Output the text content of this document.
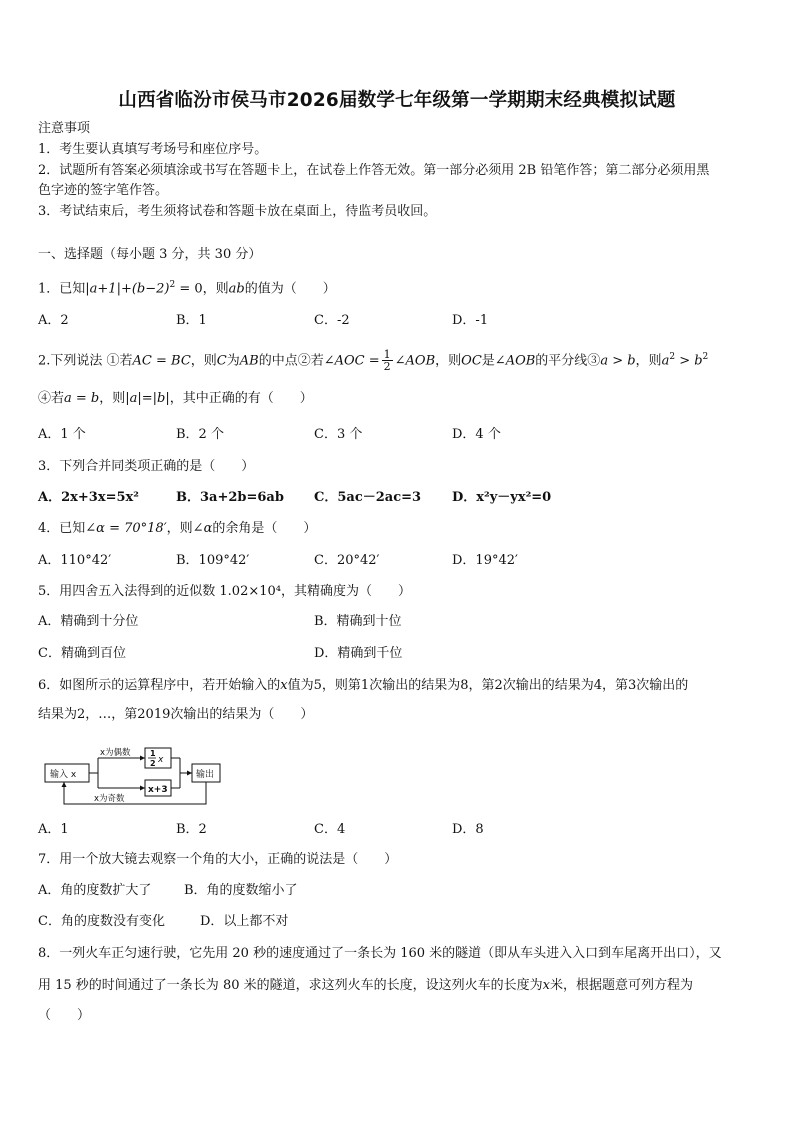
山西省临汾市侯马市2026届数学七年级第一学期期末经典模拟试题
注意事项
1．考生要认真填写考场号和座位序号。
2．试题所有答案必须填涂或书写在答题卡上，在试卷上作答无效。第一部分必须用 2B 铅笔作答；第二部分必须用黑
色字迹的签字笔作答。
3．考试结束后，考生须将试卷和答题卡放在桌面上，待监考员收回。
一、选择题（每小题 3 分，共 30 分）
1．已知$|a+1|+(b-2)^2 = 0$，则ab的值为（　　）
A．2	B．1	C．-2	D．-1
2.下列说法 ①若AC = BC，则C为AB的中点②若∠AOC = $\frac{1}{2}$ ∠AOB，则OC是∠AOB的平分线③a > b，则$a^2 > b^2$
④若a = b，则|a|=|b|，其中正确的有（　　）
A．1 个	B．2 个	C．3 个	D．4 个
3．下列合并同类项正确的是（　　）
A．2x+3x=5x²	B．3a+2b=6ab C．5ac－2ac=3 D．x²y－yx²=0
4．已知∠α = 70°18′，则∠α的余角是（　　）
A．110°42′	B．109°42′	C．20°42′	D．19°42′
5．用四舍五入法得到的近似数 1.02×10⁴，其精确度为（　　）
A．精确到十分位	B．精确到十位
C．精确到百位	D．精确到千位
6．如图所示的运算程序中，若开始输入的x值为5，则第1次输出的结果为8，第2次输出的结果为4，第3次输出的
结果为2，…，第2019次输出的结果为（　　）
输入 x
x为偶数 1
2 x
x+3
输出
x为奇数
A．1	B．2	C．4	D．8
7．用一个放大镜去观察一个角的大小，正确的说法是（　　）
A．角的度数扩大了	B．角的度数缩小了
C．角的度数没有变化	D．以上都不对
8．一列火车正匀速行驶，它先用 20 秒的速度通过了一条长为 160 米的隧道（即从车头进入入口到车尾离开出口），又
用 15 秒的时间通过了一条长为 80 米的隧道，求这列火车的长度，设这列火车的长度为x米，根据题意可列方程为
（　　）
